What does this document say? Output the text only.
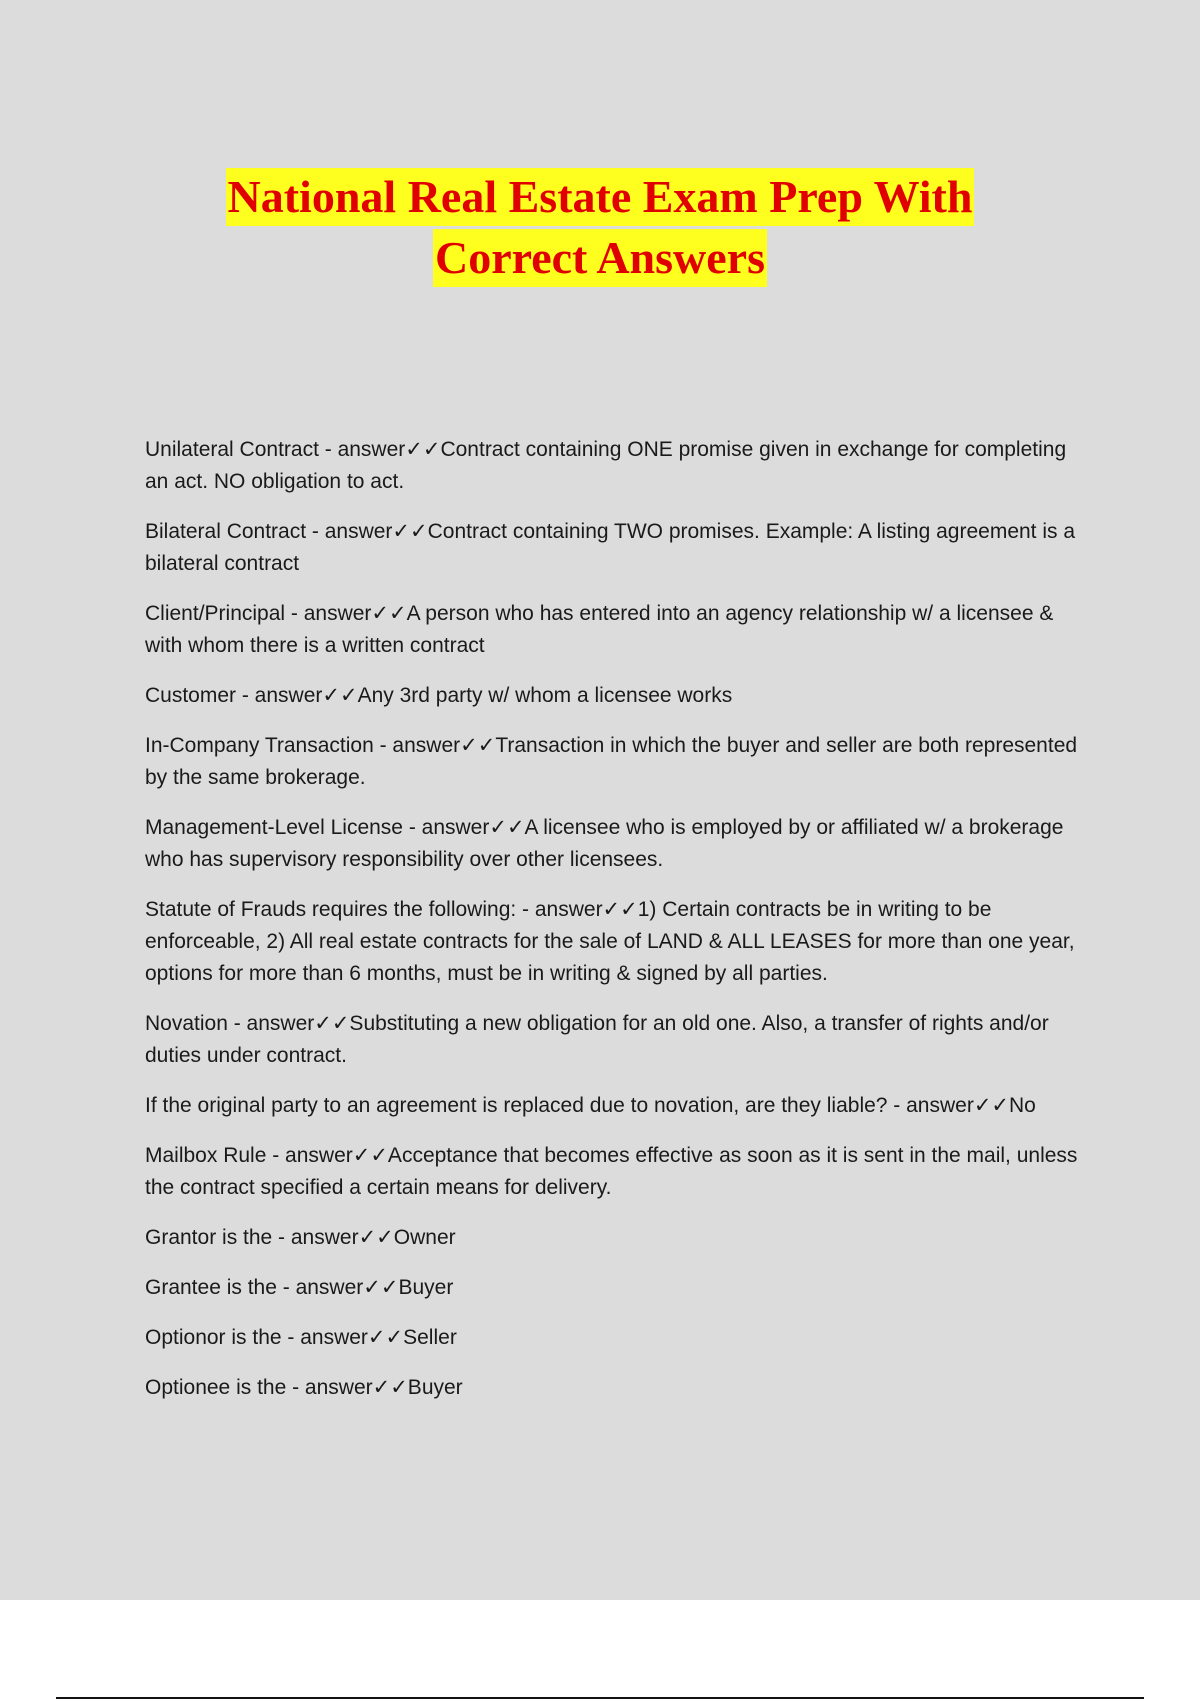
National Real Estate Exam Prep With
Correct Answers
Unilateral Contract - answer✓✓Contract containing ONE promise given in exchange for completing an act. NO obligation to act.
Bilateral Contract - answer✓✓Contract containing TWO promises. Example: A listing agreement is a bilateral contract
Client/Principal - answer✓✓A person who has entered into an agency relationship w/ a licensee & with whom there is a written contract
Customer - answer✓✓Any 3rd party w/ whom a licensee works
In-Company Transaction - answer✓✓Transaction in which the buyer and seller are both represented by the same brokerage.
Management-Level License - answer✓✓A licensee who is employed by or affiliated w/ a brokerage who has supervisory responsibility over other licensees.
Statute of Frauds requires the following: - answer✓✓1) Certain contracts be in writing to be enforceable, 2) All real estate contracts for the sale of LAND & ALL LEASES for more than one year, options for more than 6 months, must be in writing & signed by all parties.
Novation - answer✓✓Substituting a new obligation for an old one. Also, a transfer of rights and/or duties under contract.
If the original party to an agreement is replaced due to novation, are they liable? - answer✓✓No
Mailbox Rule - answer✓✓Acceptance that becomes effective as soon as it is sent in the mail, unless the contract specified a certain means for delivery.
Grantor is the - answer✓✓Owner
Grantee is the - answer✓✓Buyer
Optionor is the - answer✓✓Seller
Optionee is the - answer✓✓Buyer
